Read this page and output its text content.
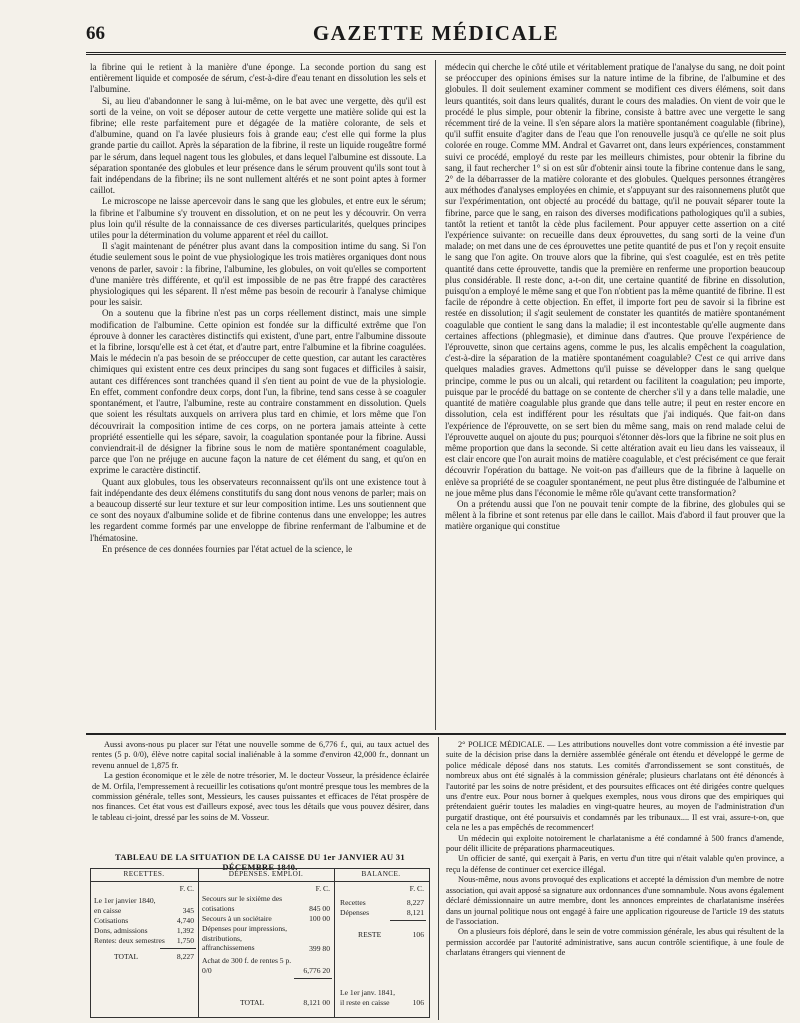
66	GAZETTE MÉDICALE

la fibrine qui le retient à la manière d'une éponge. La seconde portion du sang est entièrement liquide et composée de sérum, c'est-à-dire d'eau tenant en dissolution les sels et l'albumine.

Si, au lieu d'abandonner le sang à lui-même, on le bat avec une vergette, dès qu'il est sorti de la veine, on voit se déposer autour de cette vergette une matière solide qui est la fibrine; elle reste parfaitement pure et dégagée de la matière colorante, de sels et d'albumine, quand on l'a lavée plusieurs fois à grande eau; c'est elle qui forme la plus grande partie du caillot. Après la séparation de la fibrine, il reste un liquide rougeâtre formé par le sérum, dans lequel nagent tous les globules, et dans lequel l'albumine est dissoute. La séparation spontanée des globules et leur présence dans le sérum prouvent qu'ils sont tout à fait indépendans de la fibrine; ils ne sont nullement altérés et ne sont point aptes à former caillot.

Le microscope ne laisse apercevoir dans le sang que les globules, et entre eux le sérum; la fibrine et l'albumine s'y trouvent en dissolution, et on ne peut les y découvrir. On verra plus loin qu'il résulte de la connaissance de ces diverses particularités, quelques principes utiles pour la détermination du volume apparent et réel du caillot.

Il s'agit maintenant de pénétrer plus avant dans la composition intime du sang. Si l'on étudie seulement sous le point de vue physiologique les trois matières organiques dont nous venons de parler, savoir : la fibrine, l'albumine, les globules, on voit qu'elles se comportent d'une manière très différente, et qu'il est impossible de ne pas être frappé des caractères physiologiques qui les séparent. Il n'est même pas besoin de recourir à l'analyse chimique pour les saisir.

On a soutenu que la fibrine n'est pas un corps réellement distinct, mais une simple modification de l'albumine. Cette opinion est fondée sur la difficulté extrême que l'on éprouve à donner les caractères distinctifs qui existent, d'une part, entre l'albumine dissoute et la fibrine, lorsqu'elle est à cet état, et d'autre part, entre l'albumine et la fibrine coagulées. Mais le médecin n'a pas besoin de se préoccuper de cette question, car autant les caractères chimiques qui existent entre ces deux principes du sang sont fugaces et difficiles à saisir, autant ces différences sont tranchées quand il s'en tient au point de vue de la physiologie. En effet, comment confondre deux corps, dont l'un, la fibrine, tend sans cesse à se coaguler spontanément, et l'autre, l'albumine, reste au contraire constamment en dissolution. Quels que soient les résultats auxquels on arrivera plus tard en chimie, et lors même que l'on découvrirait la composition intime de ces corps, on ne portera jamais atteinte à cette propriété essentielle qui les sépare, savoir, la coagulation spontanée pour la fibrine. Aussi conviendrait-il de désigner la fibrine sous le nom de matière spontanément coagulable, parce que l'on ne préjuge en aucune façon la nature de cet élément du sang, et qu'on en exprime le caractère distinctif.

Quant aux globules, tous les observateurs reconnaissent qu'ils ont une existence tout à fait indépendante des deux élémens constitutifs du sang dont nous venons de parler; mais on a beaucoup disserté sur leur texture et sur leur composition intime. Les uns soutiennent que ce sont des noyaux d'albumine solide et de fibrine contenus dans une enveloppe; les autres les regardent comme formés par une enveloppe de fibrine renfermant de l'albumine et de l'hématosine.

En présence de ces données fournies par l'état actuel de la science, le

médecin qui cherche le côté utile et véritablement pratique de l'analyse du sang, ne doit point se préoccuper des opinions émises sur la nature intime de la fibrine, de l'albumine et des globules. Il doit seulement examiner comment se modifient ces divers élémens, soit dans leurs quantités, soit dans leurs qualités, durant le cours des maladies. On vient de voir que le procédé le plus simple, pour obtenir la fibrine, consiste à battre avec une vergette le sang récemment tiré de la veine. Il s'en sépare alors la matière spontanément coagulable (fibrine), qu'il suffit ensuite d'agiter dans de l'eau que l'on renouvelle jusqu'à ce qu'elle ne soit plus colorée en rouge. Comme MM. Andral et Gavarret ont, dans leurs expériences, constamment suivi ce procédé, employé du reste par les meilleurs chimistes, pour obtenir la fibrine du sang, il faut rechercher 1° si on est sûr d'obtenir ainsi toute la fibrine contenue dans le sang, 2° de la débarrasser de la matière colorante et des globules. Quelques personnes étrangères aux méthodes d'analyses employées en chimie, et s'appuyant sur des raisonnemens plutôt que sur l'expérimentation, ont objecté au procédé du battage, qu'il ne pouvait séparer toute la fibrine, parce que le sang, en raison des diverses modifications pathologiques qu'il a subies, tantôt la retient et tantôt la cède plus facilement. Pour appuyer cette assertion on a cité l'expérience suivante: on recueille dans deux éprouvettes, du sang sorti de la veine d'un malade; on met dans une de ces éprouvettes une petite quantité de pus et l'on y reçoit ensuite le sang que l'on agite. On trouve alors que la fibrine, qui s'est coagulée, est en très petite quantité dans cette éprouvette, tandis que la première en renferme une proportion beaucoup plus considérable. Il reste donc, a-t-on dit, une certaine quantité de fibrine en dissolution, puisqu'on a employé le même sang et que l'on n'obtient pas la même quantité de fibrine. Il est facile de répondre à cette objection. En effet, il importe fort peu de savoir si la fibrine est restée en dissolution; il s'agit seulement de constater les quantités de matière spontanément coagulable que contient le sang dans la maladie; il est incontestable qu'elle augmente dans certaines affections (phlegmasie), et diminue dans d'autres. Que prouve l'expérience de l'éprouvette, sinon que certains agens, comme le pus, les alcalis empêchent la coagulation, c'est-à-dire la séparation de la matière spontanément coagulable? C'est ce qui arrive dans quelques maladies graves. Admettons qu'il puisse se développer dans le sang quelque principe, comme le pus ou un alcali, qui retardent ou facilitent la coagulation; peu importe, puisque par le procédé du battage on se contente de chercher s'il y a dans telle maladie, une quantité de matière coagulable plus grande que dans telle autre; il peut en rester encore en dissolution, cela est indifférent pour les résultats que j'ai indiqués. Que fait-on dans l'expérience de l'éprouvette, on se sert bien du même sang, mais on rend malade celui de l'éprouvette auquel on ajoute du pus; pourquoi s'étonner dès-lors que la fibrine ne soit plus en même proportion que dans la seconde. Si cette altération avait eu lieu dans les vaisseaux, il est clair encore que l'on aurait moins de matière coagulable, et c'est précisément ce que ferait découvrir l'opération du battage. Ne voit-on pas d'ailleurs que de la fibrine à laquelle on enlève sa propriété de se coaguler spontanément, ne peut plus être distinguée de l'albumine et ne joue même plus dans l'économie le même rôle qu'avant cette transformation?

On a prétendu aussi que l'on ne pouvait tenir compte de la fibrine, des globules qui se mêlent à la fibrine et sont retenus par elle dans le caillot. Mais d'abord il faut prouver que la matière organique qui constitue

Aussi avons-nous pu placer sur l'état une nouvelle somme de 6,776 f., qui, au taux actuel des rentes (5 p. 0/0), élève notre capital social inaliénable à la somme d'environ 42,000 fr., donnant un revenu annuel de 1,875 fr.

La gestion économique et le zèle de notre trésorier, M. le docteur Vosseur, la présidence éclairée de M. Orfila, l'empressement à recueillir les cotisations qu'ont montré presque tous les membres de la commission générale, telles sont, Messieurs, les causes puissantes et efficaces de l'état prospère de nos finances. Cet état vous est d'ailleurs exposé, avec tous les détails que vous pouvez désirer, dans le tableau ci-joint, dressé par les soins de M. Vosseur.

TABLEAU DE LA SITUATION DE LA CAISSE DU 1er JANVIER AU 31 DÉCEMBRE 1840.
RECETTES.	DÉPENSES. EMPLOI.	BALANCE.
F. C.
Le 1er janvier 1840, en caisse	345
Cotisations	4,740
Dons, admissions	1,392
Rentes: deux semestres	1,750
TOTAL	8,227
F. C.
Secours sur le sixième des cotisations	845 00
Secours à un sociétaire	100 00
Dépenses pour impressions, distributions, affranchissemens	399 80
Achat de 300 f. de rentes 5 p. 0/0	6,776 20
TOTAL	8,121 00
F. C.
Recettes	8,227
Dépenses	8,121
RESTE	106
Le 1er janv. 1841, il reste en caisse	106

2° POLICE MÉDICALE. — Les attributions nouvelles dont votre commission a été investie par suite de la décision prise dans la dernière assemblée générale ont étendu et développé le germe de police médicale déposé dans nos statuts. Les comités d'arrondissement se sont constitués, de nombreux abus ont été signalés à la commission générale; plusieurs charlatans ont été dénoncés à l'autorité par les soins de notre président, et des poursuites efficaces ont été dirigées contre quelques uns d'entre eux. Pour nous borner à quelques exemples, nous vous dirons que des empiriques qui prétendaient guérir toutes les maladies en vingt-quatre heures, au moyen de l'administration d'un purgatif drastique, ont été poursuivis et condamnés par les tribunaux.... Il est vrai, assure-t-on, que cela ne les a pas empêchés de recommencer!

Un médecin qui exploite notoirement le charlatanisme a été condamné à 500 francs d'amende, pour délit illicite de préparations pharmaceutiques.

Un officier de santé, qui exerçait à Paris, en vertu d'un titre qui n'était valable qu'en province, a reçu la défense de continuer cet exercice illégal.

Nous-même, nous avons provoqué des explications et accepté la démission d'un membre de notre association, qui avait apposé sa signature aux ordonnances d'une somnambule. Nous avons également déclaré démissionnaire un autre membre, dont les annonces empreintes de charlatanisme insérées dans un journal politique nous ont engagé à faire une application rigoureuse de l'article 19 des statuts de l'association.

On a plusieurs fois déploré, dans le sein de votre commission générale, les abus qui résultent de la permission accordée par l'autorité administrative, sans aucun contrôle scientifique, à une foule de charlatans étrangers qui viennent de
